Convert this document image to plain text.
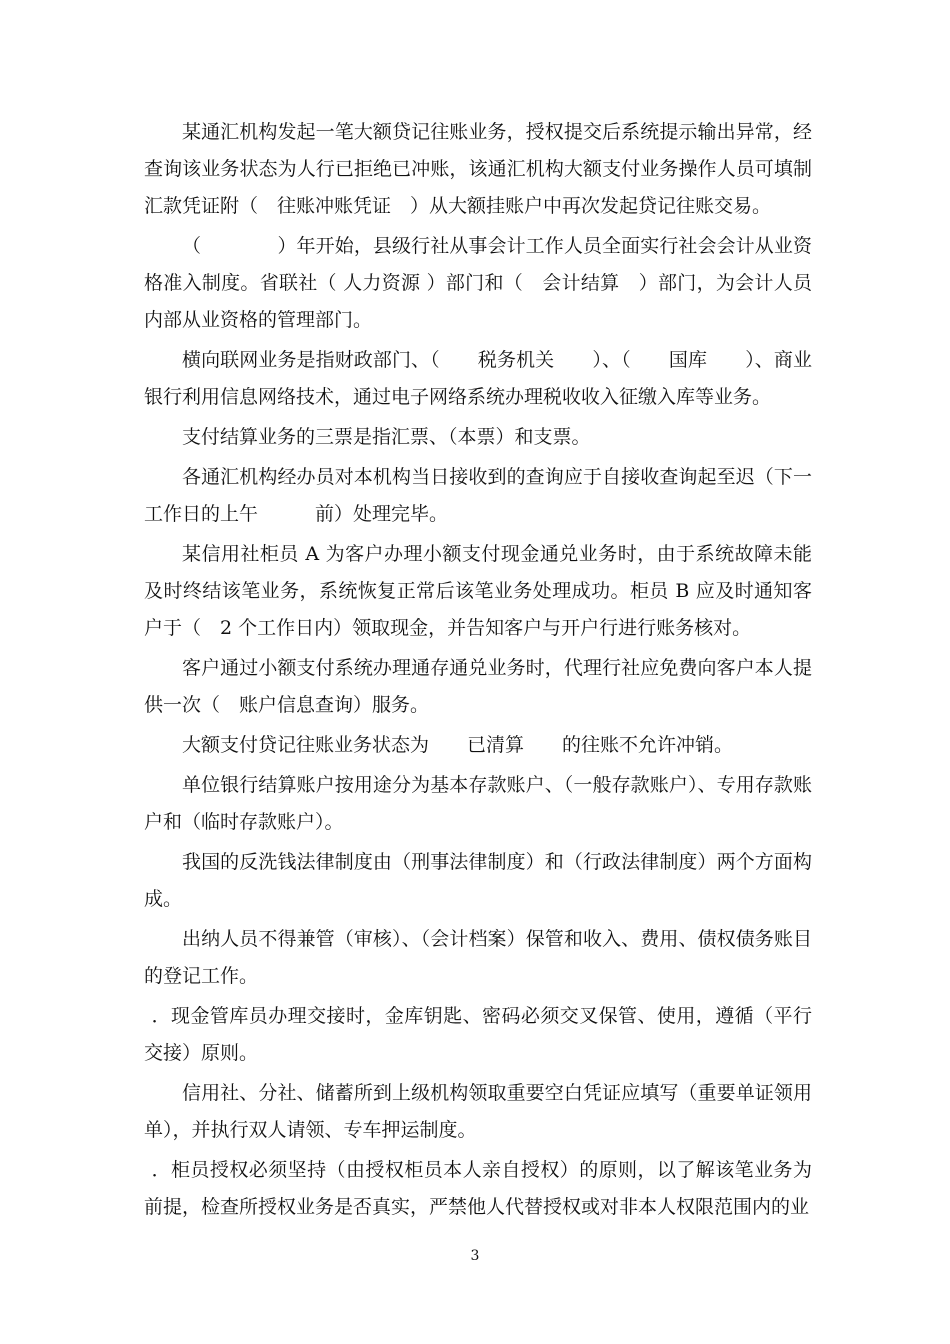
某通汇机构发起一笔大额贷记往账业务，授权提交后系统提示输出异常，经查询该业务状态为人行已拒绝已冲账，该通汇机构大额支付业务操作人员可填制汇款凭证附（　往账冲账凭证　）从大额挂账户中再次发起贷记往账交易。

（　　　　）年开始，县级行社从事会计工作人员全面实行社会会计从业资格准入制度。省联社（ 人力资源 ）部门和（　会计结算　）部门，为会计人员内部从业资格的管理部门。

横向联网业务是指财政部门、（　　税务机关　　）、（　　国库　　）、商业银行利用信息网络技术，通过电子网络系统办理税收收入征缴入库等业务。

支付结算业务的三票是指汇票、（本票）和支票。

各通汇机构经办员对本机构当日接收到的查询应于自接收查询起至迟（下一工作日的上午　　　前）处理完毕。

某信用社柜员 A 为客户办理小额支付现金通兑业务时，由于系统故障未能及时终结该笔业务，系统恢复正常后该笔业务处理成功。柜员 B 应及时通知客户于（　2 个工作日内）领取现金，并告知客户与开户行进行账务核对。

客户通过小额支付系统办理通存通兑业务时，代理行社应免费向客户本人提供一次（　账户信息查询）服务。

大额支付贷记往账业务状态为　　已清算　　的往账不允许冲销。

单位银行结算账户按用途分为基本存款账户、（一般存款账户）、专用存款账户和（临时存款账户）。

我国的反洗钱法律制度由（刑事法律制度）和（行政法律制度）两个方面构成。

出纳人员不得兼管（审核）、（会计档案）保管和收入、费用、债权债务账目的登记工作。

．现金管库员办理交接时，金库钥匙、密码必须交叉保管、使用，遵循（平行交接）原则。

信用社、分社、储蓄所到上级机构领取重要空白凭证应填写（重要单证领用单），并执行双人请领、专车押运制度。

．柜员授权必须坚持（由授权柜员本人亲自授权）的原则，以了解该笔业务为前提，检查所授权业务是否真实，严禁他人代替授权或对非本人权限范围内的业

3
